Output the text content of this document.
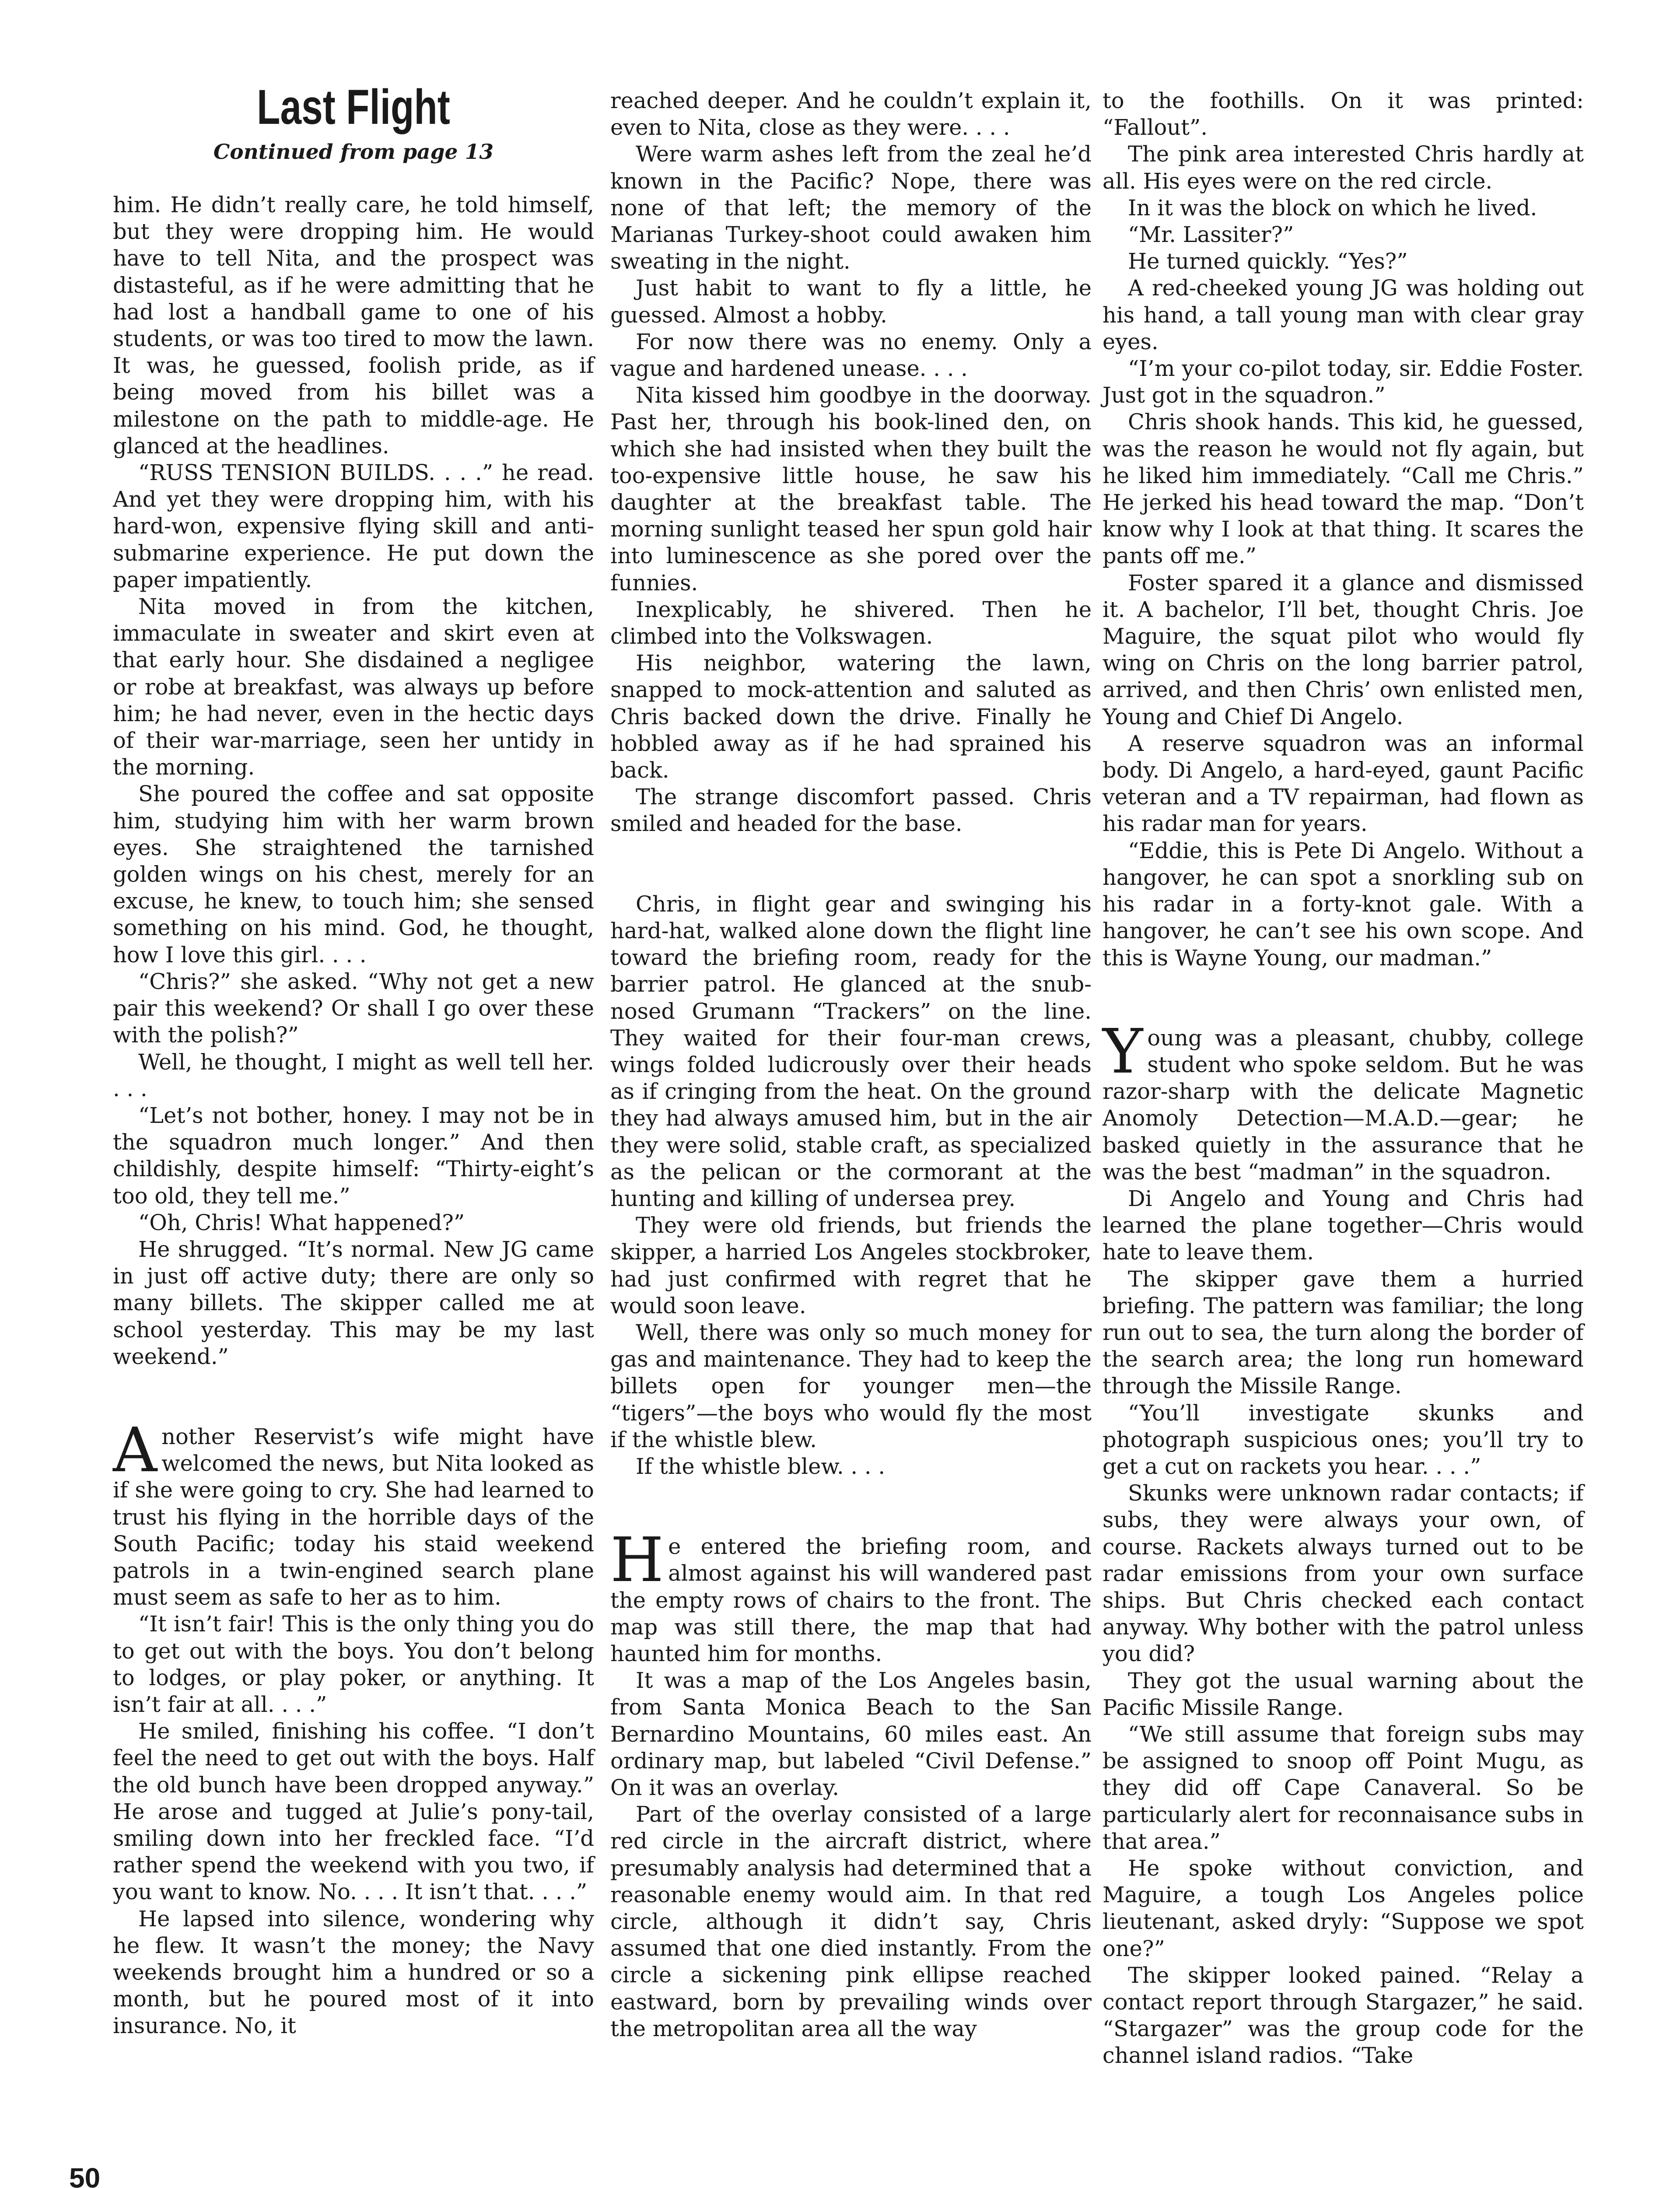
Last Flight
Continued from page 13

him. He didn’t really care, he told himself, but they were dropping him. He would have to tell Nita, and the prospect was distasteful, as if he were admitting that he had lost a handball game to one of his students, or was too tired to mow the lawn. It was, he guessed, foolish pride, as if being moved from his billet was a milestone on the path to middle-age. He glanced at the headlines.

“RUSS TENSION BUILDS. . . .” he read. And yet they were dropping him, with his hard-won, expensive flying skill and anti-submarine experience. He put down the paper impatiently.

Nita moved in from the kitchen, immaculate in sweater and skirt even at that early hour. She disdained a negligee or robe at breakfast, was always up before him; he had never, even in the hectic days of their war-marriage, seen her untidy in the morning.

She poured the coffee and sat opposite him, studying him with her warm brown eyes. She straightened the tarnished golden wings on his chest, merely for an excuse, he knew, to touch him; she sensed something on his mind. God, he thought, how I love this girl. . . .

“Chris?” she asked. “Why not get a new pair this weekend? Or shall I go over these with the polish?”

Well, he thought, I might as well tell her. . . .

“Let’s not bother, honey. I may not be in the squadron much longer.” And then childishly, despite himself: “Thirty-eight’s too old, they tell me.”

“Oh, Chris! What happened?”

He shrugged. “It’s normal. New JG came in just off active duty; there are only so many billets. The skipper called me at school yesterday. This may be my last weekend.”

Another Reservist’s wife might have welcomed the news, but Nita looked as if she were going to cry. She had learned to trust his flying in the horrible days of the South Pacific; today his staid weekend patrols in a twin-engined search plane must seem as safe to her as to him.

“It isn’t fair! This is the only thing you do to get out with the boys. You don’t belong to lodges, or play poker, or anything. It isn’t fair at all. . . .”

He smiled, finishing his coffee. “I don’t feel the need to get out with the boys. Half the old bunch have been dropped anyway.” He arose and tugged at Julie’s pony-tail, smiling down into her freckled face. “I’d rather spend the weekend with you two, if you want to know. No. . . . It isn’t that. . . .”

He lapsed into silence, wondering why he flew. It wasn’t the money; the Navy weekends brought him a hundred or so a month, but he poured most of it into insurance. No, it

reached deeper. And he couldn’t explain it, even to Nita, close as they were. . . .

Were warm ashes left from the zeal he’d known in the Pacific? Nope, there was none of that left; the memory of the Marianas Turkey-shoot could awaken him sweating in the night.

Just habit to want to fly a little, he guessed. Almost a hobby.

For now there was no enemy. Only a vague and hardened unease. . . .

Nita kissed him goodbye in the doorway. Past her, through his book-lined den, on which she had insisted when they built the too-expensive little house, he saw his daughter at the breakfast table. The morning sunlight teased her spun gold hair into luminescence as she pored over the funnies.

Inexplicably, he shivered. Then he climbed into the Volkswagen.

His neighbor, watering the lawn, snapped to mock-attention and saluted as Chris backed down the drive. Finally he hobbled away as if he had sprained his back.

The strange discomfort passed. Chris smiled and headed for the base.

Chris, in flight gear and swinging his hard-hat, walked alone down the flight line toward the briefing room, ready for the barrier patrol. He glanced at the snub-nosed Grumann “Trackers” on the line. They waited for their four-man crews, wings folded ludicrously over their heads as if cringing from the heat. On the ground they had always amused him, but in the air they were solid, stable craft, as specialized as the pelican or the cormorant at the hunting and killing of undersea prey.

They were old friends, but friends the skipper, a harried Los Angeles stockbroker, had just confirmed with regret that he would soon leave.

Well, there was only so much money for gas and maintenance. They had to keep the billets open for younger men—the “tigers”—the boys who would fly the most if the whistle blew.

If the whistle blew. . . .

He entered the briefing room, and almost against his will wandered past the empty rows of chairs to the front. The map was still there, the map that had haunted him for months.

It was a map of the Los Angeles basin, from Santa Monica Beach to the San Bernardino Mountains, 60 miles east. An ordinary map, but labeled “Civil Defense.” On it was an overlay.

Part of the overlay consisted of a large red circle in the aircraft district, where presumably analysis had determined that a reasonable enemy would aim. In that red circle, although it didn’t say, Chris assumed that one died instantly. From the circle a sickening pink ellipse reached eastward, born by prevailing winds over the metropolitan area all the way

to the foothills. On it was printed: “Fallout”.

The pink area interested Chris hardly at all. His eyes were on the red circle.

In it was the block on which he lived.

“Mr. Lassiter?”

He turned quickly. “Yes?”

A red-cheeked young JG was holding out his hand, a tall young man with clear gray eyes.

“I’m your co-pilot today, sir. Eddie Foster. Just got in the squadron.”

Chris shook hands. This kid, he guessed, was the reason he would not fly again, but he liked him immediately. “Call me Chris.” He jerked his head toward the map. “Don’t know why I look at that thing. It scares the pants off me.”

Foster spared it a glance and dismissed it. A bachelor, I’ll bet, thought Chris. Joe Maguire, the squat pilot who would fly wing on Chris on the long barrier patrol, arrived, and then Chris’ own enlisted men, Young and Chief Di Angelo.

A reserve squadron was an informal body. Di Angelo, a hard-eyed, gaunt Pacific veteran and a TV repairman, had flown as his radar man for years.

“Eddie, this is Pete Di Angelo. Without a hangover, he can spot a snorkling sub on his radar in a forty-knot gale. With a hangover, he can’t see his own scope. And this is Wayne Young, our madman.”

Young was a pleasant, chubby, college student who spoke seldom. But he was razor-sharp with the delicate Magnetic Anomoly Detection—M.A.D.—gear; he basked quietly in the assurance that he was the best “madman” in the squadron.

Di Angelo and Young and Chris had learned the plane together—Chris would hate to leave them.

The skipper gave them a hurried briefing. The pattern was familiar; the long run out to sea, the turn along the border of the search area; the long run homeward through the Missile Range.

“You’ll investigate skunks and photograph suspicious ones; you’ll try to get a cut on rackets you hear. . . .”

Skunks were unknown radar contacts; if subs, they were always your own, of course. Rackets always turned out to be radar emissions from your own surface ships. But Chris checked each contact anyway. Why bother with the patrol unless you did?

They got the usual warning about the Pacific Missile Range.

“We still assume that foreign subs may be assigned to snoop off Point Mugu, as they did off Cape Canaveral. So be particularly alert for reconnaisance subs in that area.”

He spoke without conviction, and Maguire, a tough Los Angeles police lieutenant, asked dryly: “Suppose we spot one?”

The skipper looked pained. “Relay a contact report through Stargazer,” he said. “Stargazer” was the group code for the channel island radios. “Take

50
